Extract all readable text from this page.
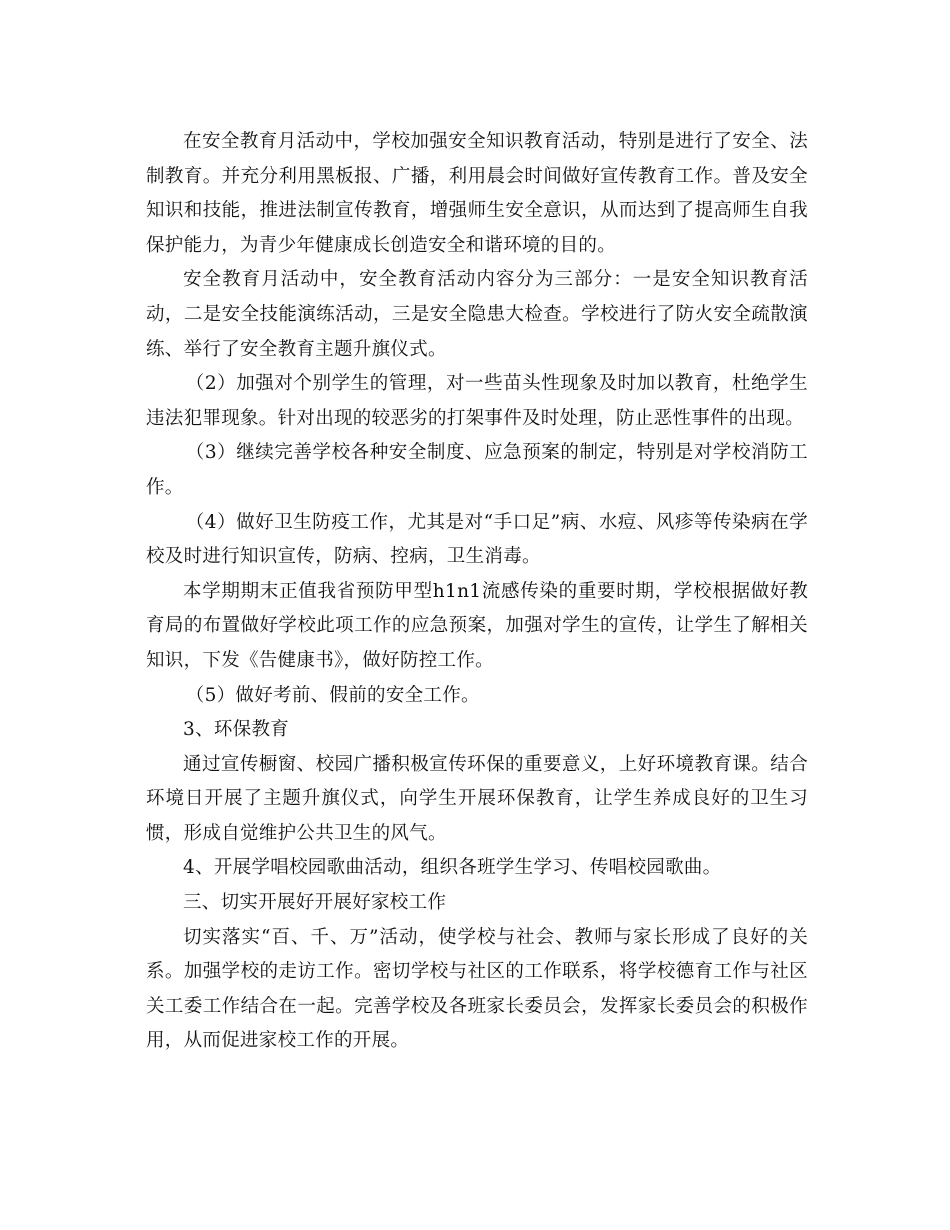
在安全教育月活动中，学校加强安全知识教育活动，特别是进行了安全、法制教育。并充分利用黑板报、广播，利用晨会时间做好宣传教育工作。普及安全知识和技能，推进法制宣传教育，增强师生安全意识，从而达到了提高师生自我保护能力，为青少年健康成长创造安全和谐环境的目的。

安全教育月活动中，安全教育活动内容分为三部分：一是安全知识教育活动，二是安全技能演练活动，三是安全隐患大检查。学校进行了防火安全疏散演练、举行了安全教育主题升旗仪式。

（2）加强对个别学生的管理，对一些苗头性现象及时加以教育，杜绝学生违法犯罪现象。针对出现的较恶劣的打架事件及时处理，防止恶性事件的出现。

（3）继续完善学校各种安全制度、应急预案的制定，特别是对学校消防工作。

（4）做好卫生防疫工作，尤其是对“手口足”病、水痘、风疹等传染病在学校及时进行知识宣传，防病、控病，卫生消毒。

本学期期末正值我省预防甲型h1n1流感传染的重要时期，学校根据做好教育局的布置做好学校此项工作的应急预案，加强对学生的宣传，让学生了解相关知识，下发《告健康书》，做好防控工作。

（5）做好考前、假前的安全工作。

3、环保教育

通过宣传橱窗、校园广播积极宣传环保的重要意义，上好环境教育课。结合环境日开展了主题升旗仪式，向学生开展环保教育，让学生养成良好的卫生习惯，形成自觉维护公共卫生的风气。

4、开展学唱校园歌曲活动，组织各班学生学习、传唱校园歌曲。

三、切实开展好开展好家校工作

切实落实“百、千、万”活动，使学校与社会、教师与家长形成了良好的关系。加强学校的走访工作。密切学校与社区的工作联系，将学校德育工作与社区关工委工作结合在一起。完善学校及各班家长委员会，发挥家长委员会的积极作用，从而促进家校工作的开展。
